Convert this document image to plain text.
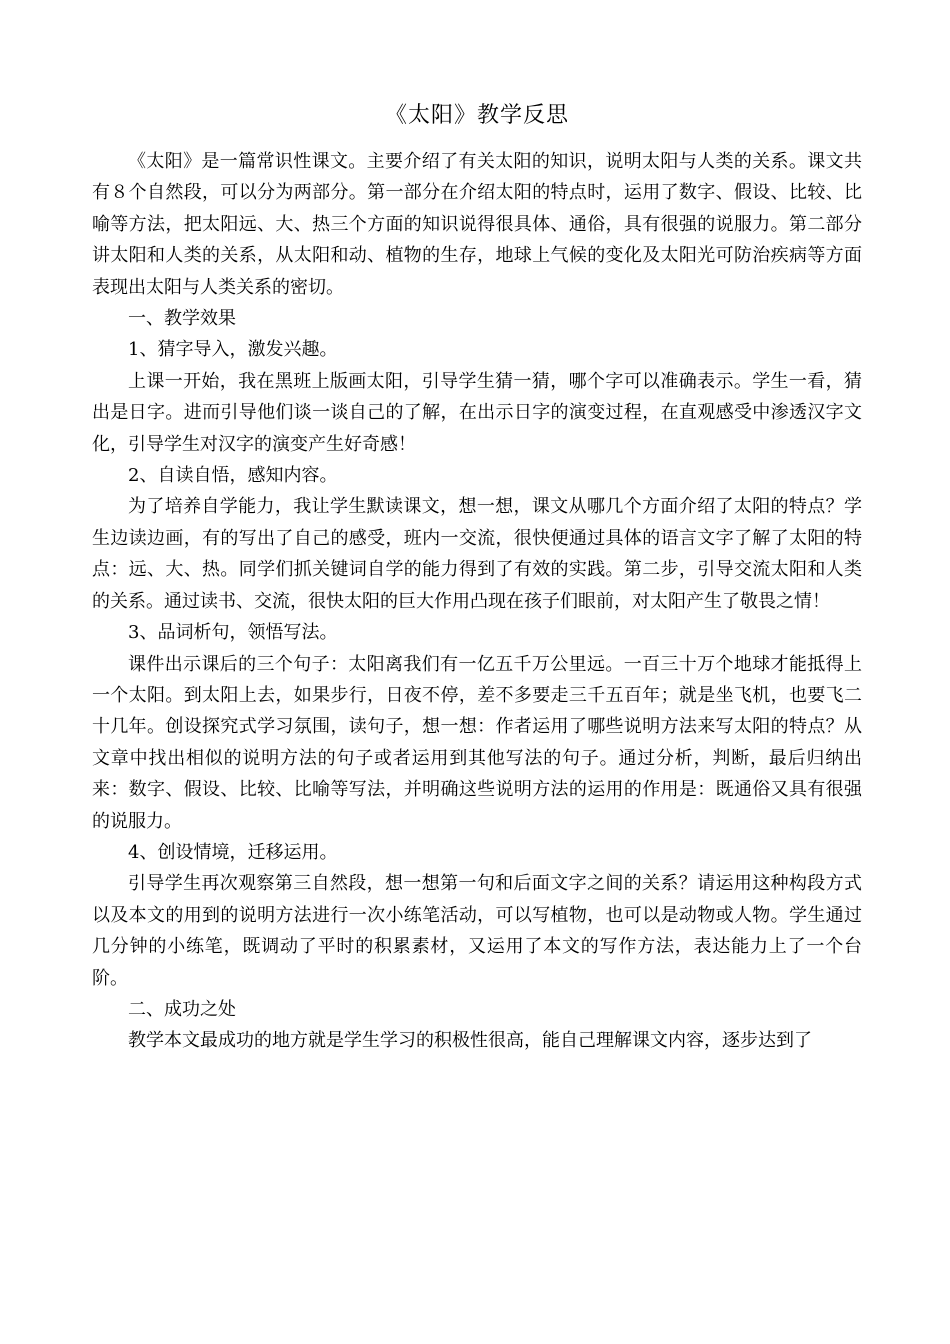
《太阳》教学反思

《太阳》是一篇常识性课文。主要介绍了有关太阳的知识，说明太阳与人类的关系。课文共有８个自然段，可以分为两部分。第一部分在介绍太阳的特点时，运用了数字、假设、比较、比喻等方法，把太阳远、大、热三个方面的知识说得很具体、通俗，具有很强的说服力。第二部分讲太阳和人类的关系，从太阳和动、植物的生存，地球上气候的变化及太阳光可防治疾病等方面表现出太阳与人类关系的密切。

一、教学效果

1、猜字导入，激发兴趣。

上课一开始，我在黑班上版画太阳，引导学生猜一猜，哪个字可以准确表示。学生一看，猜出是日字。进而引导他们谈一谈自己的了解，在出示日字的演变过程，在直观感受中渗透汉字文化，引导学生对汉字的演变产生好奇感！

2、自读自悟，感知内容。

为了培养自学能力，我让学生默读课文，想一想，课文从哪几个方面介绍了太阳的特点？学生边读边画，有的写出了自己的感受，班内一交流，很快便通过具体的语言文字了解了太阳的特点：远、大、热。同学们抓关键词自学的能力得到了有效的实践。第二步，引导交流太阳和人类的关系。通过读书、交流，很快太阳的巨大作用凸现在孩子们眼前，对太阳产生了敬畏之情！

3、品词析句，领悟写法。

课件出示课后的三个句子：太阳离我们有一亿五千万公里远。一百三十万个地球才能抵得上一个太阳。到太阳上去，如果步行，日夜不停，差不多要走三千五百年；就是坐飞机，也要飞二十几年。创设探究式学习氛围，读句子，想一想：作者运用了哪些说明方法来写太阳的特点？从文章中找出相似的说明方法的句子或者运用到其他写法的句子。通过分析，判断，最后归纳出来：数字、假设、比较、比喻等写法，并明确这些说明方法的运用的作用是：既通俗又具有很强的说服力。

4、创设情境，迁移运用。

引导学生再次观察第三自然段，想一想第一句和后面文字之间的关系？请运用这种构段方式以及本文的用到的说明方法进行一次小练笔活动，可以写植物，也可以是动物或人物。学生通过几分钟的小练笔，既调动了平时的积累素材，又运用了本文的写作方法，表达能力上了一个台阶。

二、成功之处

教学本文最成功的地方就是学生学习的积极性很高，能自己理解课文内容，逐步达到了
